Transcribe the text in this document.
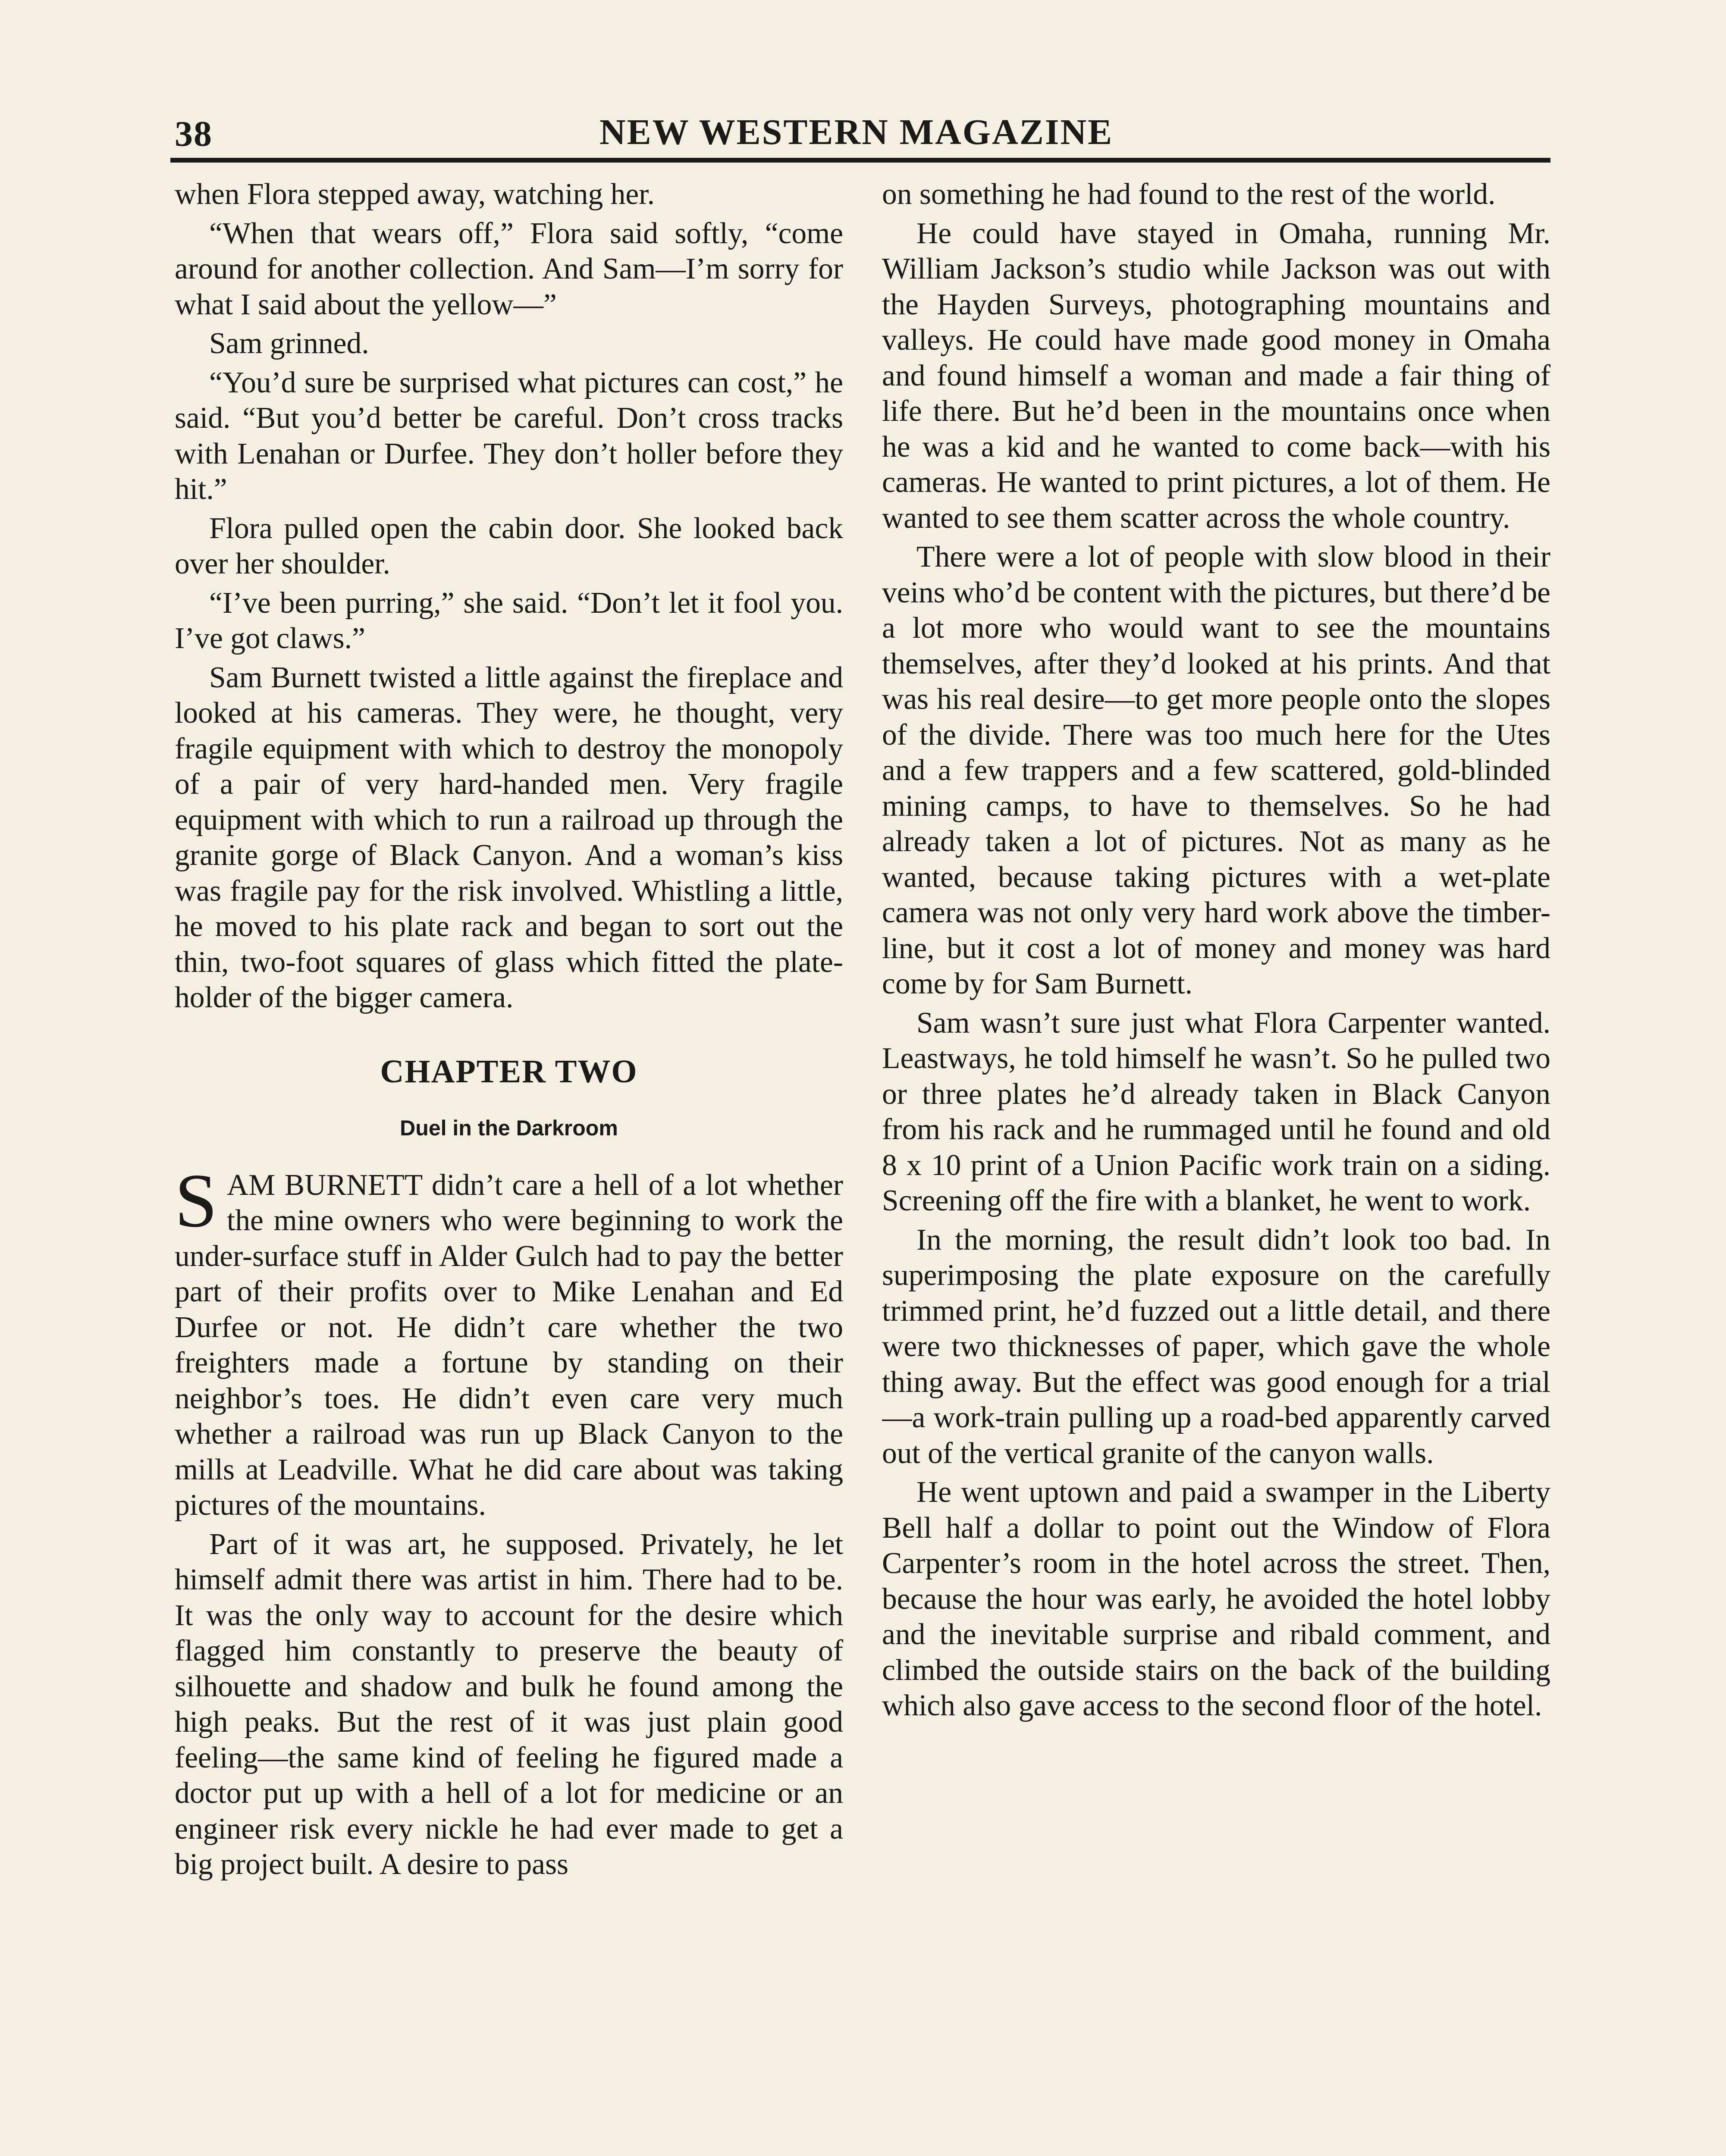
38	NEW WESTERN MAGAZINE

when Flora stepped away, watching her.

“When that wears off,” Flora said softly, “come around for another collection. And Sam—I’m sorry for what I said about the yellow—”

Sam grinned.

“You’d sure be surprised what pictures can cost,” he said. “But you’d better be careful. Don’t cross tracks with Lenahan or Durfee. They don’t holler before they hit.”

Flora pulled open the cabin door. She looked back over her shoulder.

“I’ve been purring,” she said. “Don’t let it fool you. I’ve got claws.”

Sam Burnett twisted a little against the fireplace and looked at his cameras. They were, he thought, very fragile equipment with which to destroy the monopoly of a pair of very hard-handed men. Very fragile equipment with which to run a railroad up through the granite gorge of Black Canyon. And a woman’s kiss was fragile pay for the risk involved. Whistling a little, he moved to his plate rack and began to sort out the thin, two-foot squares of glass which fitted the plate-holder of the bigger camera.

CHAPTER TWO
Duel in the Darkroom

SAM BURNETT didn’t care a hell of a lot whether the mine owners who were beginning to work the under-surface stuff in Alder Gulch had to pay the better part of their profits over to Mike Lenahan and Ed Durfee or not. He didn’t care whether the two freighters made a fortune by standing on their neighbor’s toes. He didn’t even care very much whether a railroad was run up Black Canyon to the mills at Leadville. What he did care about was taking pictures of the mountains.

Part of it was art, he supposed. Privately, he let himself admit there was artist in him. There had to be. It was the only way to account for the desire which flagged him constantly to preserve the beauty of silhouette and shadow and bulk he found among the high peaks. But the rest of it was just plain good feeling—the same kind of feeling he figured made a doctor put up with a hell of a lot for medicine or an engineer risk every nickle he had ever made to get a big project built. A desire to pass

on something he had found to the rest of the world.

He could have stayed in Omaha, running Mr. William Jackson’s studio while Jackson was out with the Hayden Surveys, photographing mountains and valleys. He could have made good money in Omaha and found himself a woman and made a fair thing of life there. But he’d been in the mountains once when he was a kid and he wanted to come back—with his cameras. He wanted to print pictures, a lot of them. He wanted to see them scatter across the whole country.

There were a lot of people with slow blood in their veins who’d be content with the pictures, but there’d be a lot more who would want to see the mountains themselves, after they’d looked at his prints. And that was his real desire—to get more people onto the slopes of the divide. There was too much here for the Utes and a few trappers and a few scattered, gold-blinded mining camps, to have to themselves. So he had already taken a lot of pictures. Not as many as he wanted, because taking pictures with a wet-plate camera was not only very hard work above the timber-line, but it cost a lot of money and money was hard come by for Sam Burnett.

Sam wasn’t sure just what Flora Carpenter wanted. Leastways, he told himself he wasn’t. So he pulled two or three plates he’d already taken in Black Canyon from his rack and he rummaged until he found and old 8 x 10 print of a Union Pacific work train on a siding. Screening off the fire with a blanket, he went to work.

In the morning, the result didn’t look too bad. In superimposing the plate exposure on the carefully trimmed print, he’d fuzzed out a little detail, and there were two thicknesses of paper, which gave the whole thing away. But the effect was good enough for a trial—a work-train pulling up a road-bed apparently carved out of the vertical granite of the canyon walls.

He went uptown and paid a swamper in the Liberty Bell half a dollar to point out the Window of Flora Carpenter’s room in the hotel across the street. Then, because the hour was early, he avoided the hotel lobby and the inevitable surprise and ribald comment, and climbed the outside stairs on the back of the building which also gave access to the second floor of the hotel.
